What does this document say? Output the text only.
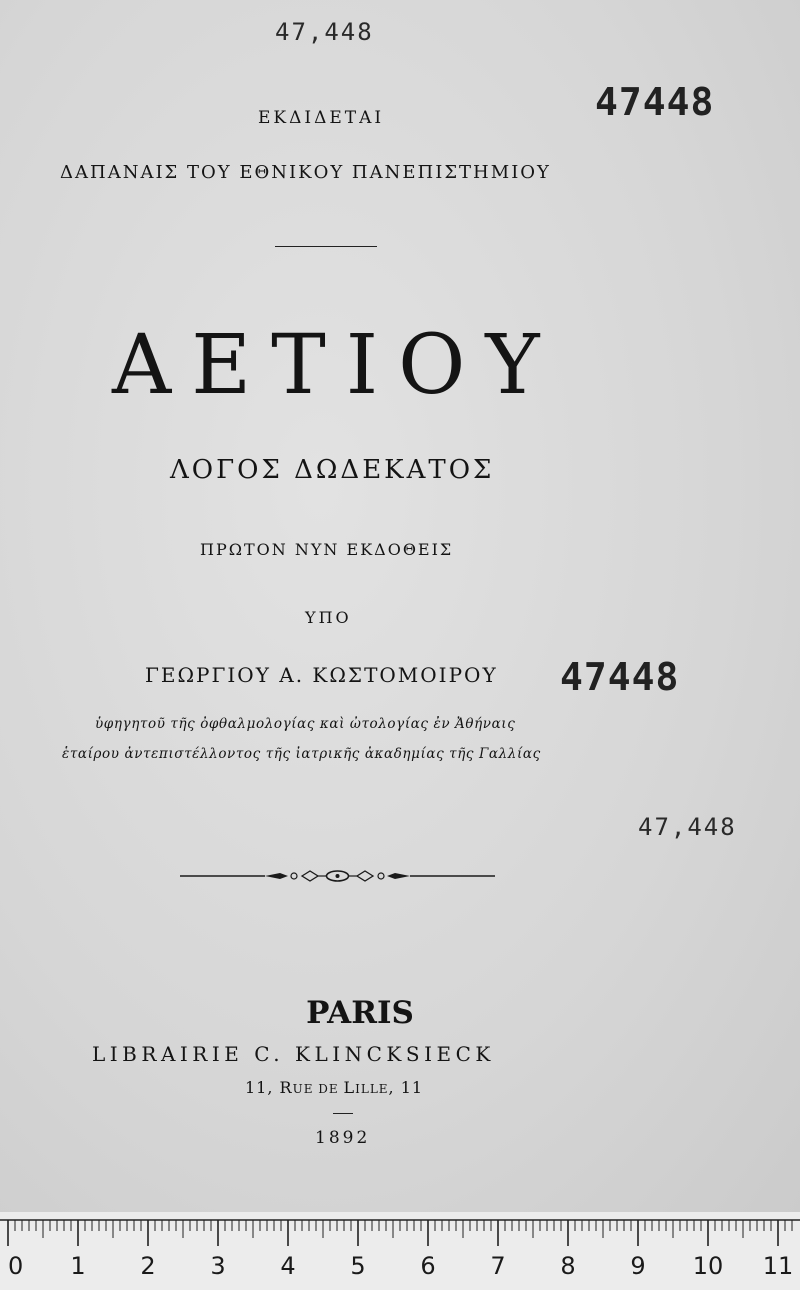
47,448
47448
ΕΚΔΙΔΕΤΑΙ
ΔΑΠΑΝΑΙΣ ΤΟΥ ΕΘΝΙΚΟΥ ΠΑΝΕΠΙΣΤΗΜΙΟΥ
ΑΕΤΙΟΥ
ΛΟΓΟΣ ΔΩΔΕΚΑΤΟΣ
ΠΡΩΤΟΝ ΝΥΝ ΕΚΔΟΘΕΙΣ
ΥΠΟ
ΓΕΩΡΓΙΟΥ Α. ΚΩΣΤΟΜΟΙΡΟΥ 47448
ὑφηγητοῦ τῆς ὀφθαλμολογίας καὶ ὠτολογίας ἐν Ἀθήναις
ἑταίρου ἀντεπιστέλλοντος τῆς ἰατρικῆς ἀκαδημίας τῆς Γαλλίας
47,448
PARIS
LIBRAIRIE C. KLINCKSIECK
11, RUE DE LILLE, 11
1892
0 1 2 3 4 5 6 7 8 9 10 11
